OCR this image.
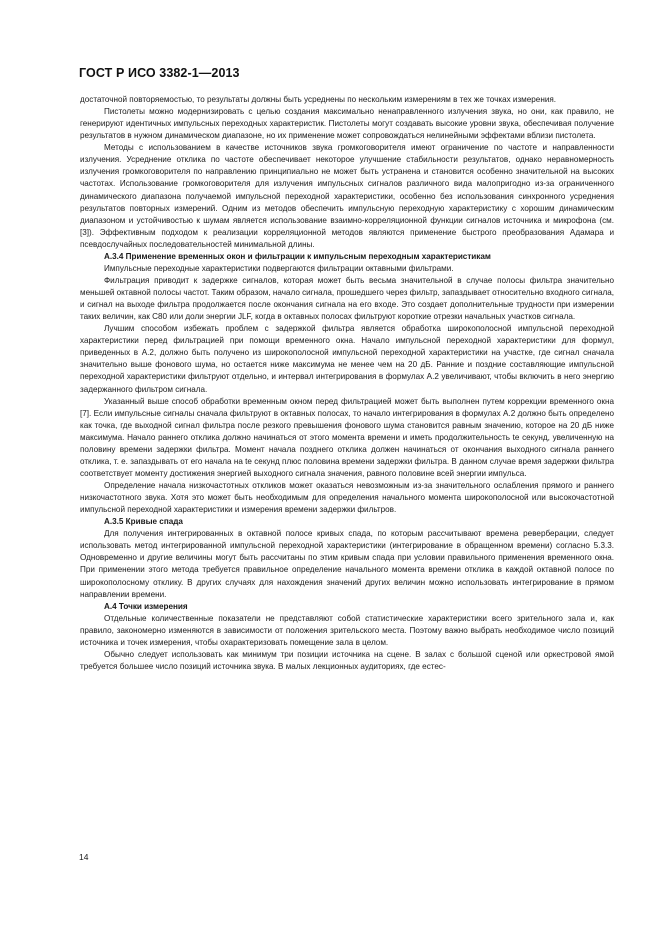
ГОСТ Р ИСО 3382-1—2013

достаточной повторяемостью, то результаты должны быть усреднены по нескольким измерениям в тех же точках измерения.

Пистолеты можно модернизировать с целью создания максимально ненаправленного излучения звука, но они, как правило, не генерируют идентичных импульсных переходных характеристик. Пистолеты могут создавать высокие уровни звука, обеспечивая получение результатов в нужном динамическом диапазоне, но их применение может сопровождаться нелинейными эффектами вблизи пистолета.

Методы с использованием в качестве источников звука громкоговорителя имеют ограничение по частоте и направленности излучения. Усреднение отклика по частоте обеспечивает некоторое улучшение стабильности результатов, однако неравномерность излучения громкоговорителя по направлению принципиально не может быть устранена и становится особенно значительной на высоких частотах. Использование громкоговорителя для излучения импульсных сигналов различного вида малопригодно из-за ограниченного динамического диапазона получаемой импульсной переходной характеристики, особенно без использования синхронного усреднения результатов повторных измерений. Одним из методов обеспечить импульсную переходную характеристику с хорошим динамическим диапазоном и устойчивостью к шумам является использование взаимно-корреляционной функции сигналов источника и микрофона (см. [3]). Эффективным подходом к реализации корреляционной методов являются применение быстрого преобразования Адамара и псевдослучайных последовательностей минимальной длины.

А.3.4 Применение временных окон и фильтрации к импульсным переходным характеристикам

Импульсные переходные характеристики подвергаются фильтрации октавными фильтрами.

Фильтрация приводит к задержке сигналов, которая может быть весьма значительной в случае полосы фильтра значительно меньшей октавной полосы частот. Таким образом, начало сигнала, прошедшего через фильтр, запаздывает относительно входного сигнала, и сигнал на выходе фильтра продолжается после окончания сигнала на его входе. Это создает дополнительные трудности при измерении таких величин, как C80 или доли энергии JLF, когда в октавных полосах фильтруют короткие отрезки начальных участков сигнала.

Лучшим способом избежать проблем с задержкой фильтра является обработка широкополосной импульсной переходной характеристики перед фильтрацией при помощи временного окна. Начало импульсной переходной характеристики для формул, приведенных в А.2, должно быть получено из широкополосной импульсной переходной характеристики на участке, где сигнал сначала значительно выше фонового шума, но остается ниже максимума не менее чем на 20 дБ. Ранние и поздние составляющие импульсной переходной характеристики фильтруют отдельно, и интервал интегрирования в формулах А.2 увеличивают, чтобы включить в него энергию задержанного фильтром сигнала.

Указанный выше способ обработки временным окном перед фильтрацией может быть выполнен путем коррекции временного окна [7]. Если импульсные сигналы сначала фильтруют в октавных полосах, то начало интегрирования в формулах А.2 должно быть определено как точка, где выходной сигнал фильтра после резкого превышения фонового шума становится равным значению, которое на 20 дБ ниже максимума. Начало раннего отклика должно начинаться от этого момента времени и иметь продолжительность te секунд, увеличенную на половину времени задержки фильтра. Момент начала позднего отклика должен начинаться от окончания выходного сигнала раннего отклика, т. е. запаздывать от его начала на te секунд плюс половина времени задержки фильтра. В данном случае время задержки фильтра соответствует моменту достижения энергией выходного сигнала значения, равного половине всей энергии импульса.

Определение начала низкочастотных откликов может оказаться невозможным из-за значительного ослабления прямого и раннего низкочастотного звука. Хотя это может быть необходимым для определения начального момента широкополосной или высокочастотной импульсной переходной характеристики и измерения времени задержки фильтров.

А.3.5 Кривые спада

Для получения интегрированных в октавной полосе кривых спада, по которым рассчитывают времена реверберации, следует использовать метод интегрированной импульсной переходной характеристики (интегрирование в обращенном времени) согласно 5.3.3. Одновременно и другие величины могут быть рассчитаны по этим кривым спада при условии правильного применения временного окна. При применении этого метода требуется правильное определение начального момента времени отклика в каждой октавной полосе по широкополосному отклику. В других случаях для нахождения значений других величин можно использовать интегрирование в прямом направлении времени.

А.4 Точки измерения

Отдельные количественные показатели не представляют собой статистические характеристики всего зрительного зала и, как правило, закономерно изменяются в зависимости от положения зрительского места. Поэтому важно выбрать необходимое число позиций источника и точек измерения, чтобы охарактеризовать помещение зала в целом.

Обычно следует использовать как минимум три позиции источника на сцене. В залах с большой сценой или оркестровой ямой требуется большее число позиций источника звука. В малых лекционных аудиториях, где естес-

14
